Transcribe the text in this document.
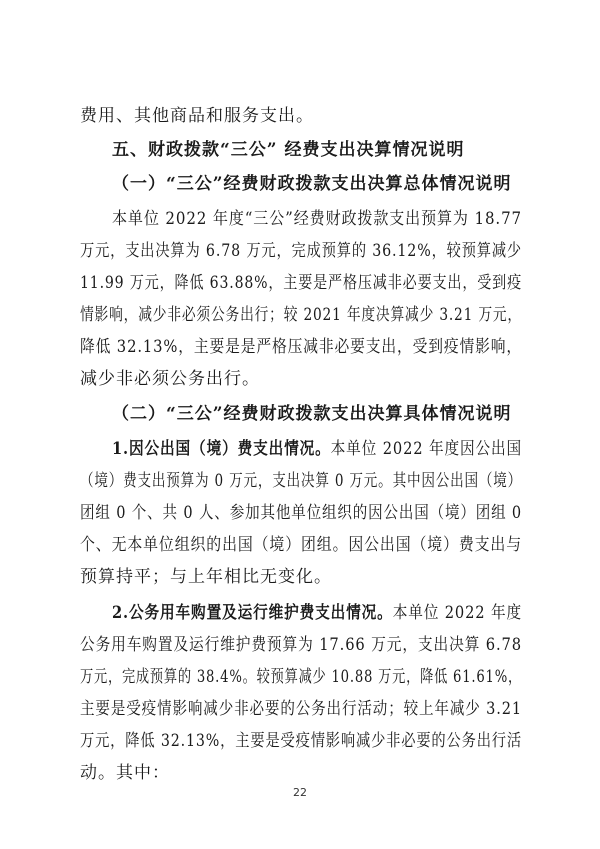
费用、其他商品和服务支出。
五、财政拨款“三公” 经费支出决算情况说明
（一）“三公”经费财政拨款支出决算总体情况说明
本单位 2022 年度“三公”经费财政拨款支出预算为 18.77
万元，支出决算为 6.78 万元，完成预算的 36.12%，较预算减少
11.99 万元，降低 63.88%，主要是严格压减非必要支出，受到疫
情影响，减少非必须公务出行；较 2021 年度决算减少 3.21 万元，
降低 32.13%，主要是是严格压减非必要支出，受到疫情影响，
减少非必须公务出行。
（二）“三公”经费财政拨款支出决算具体情况说明
1.因公出国（境）费支出情况。本单位 2022 年度因公出国
（境）费支出预算为 0 万元，支出决算 0 万元。其中因公出国（境）
团组 0 个、共 0 人、参加其他单位组织的因公出国（境）团组 0
个、无本单位组织的出国（境）团组。因公出国（境）费支出与
预算持平；与上年相比无变化。
2.公务用车购置及运行维护费支出情况。本单位 2022 年度
公务用车购置及运行维护费预算为 17.66 万元，支出决算 6.78
万元，完成预算的 38.4%。较预算减少 10.88 万元，降低 61.61%，
主要是受疫情影响减少非必要的公务出行活动；较上年减少 3.21
万元，降低 32.13%，主要是受疫情影响减少非必要的公务出行活
动。其中：
22
